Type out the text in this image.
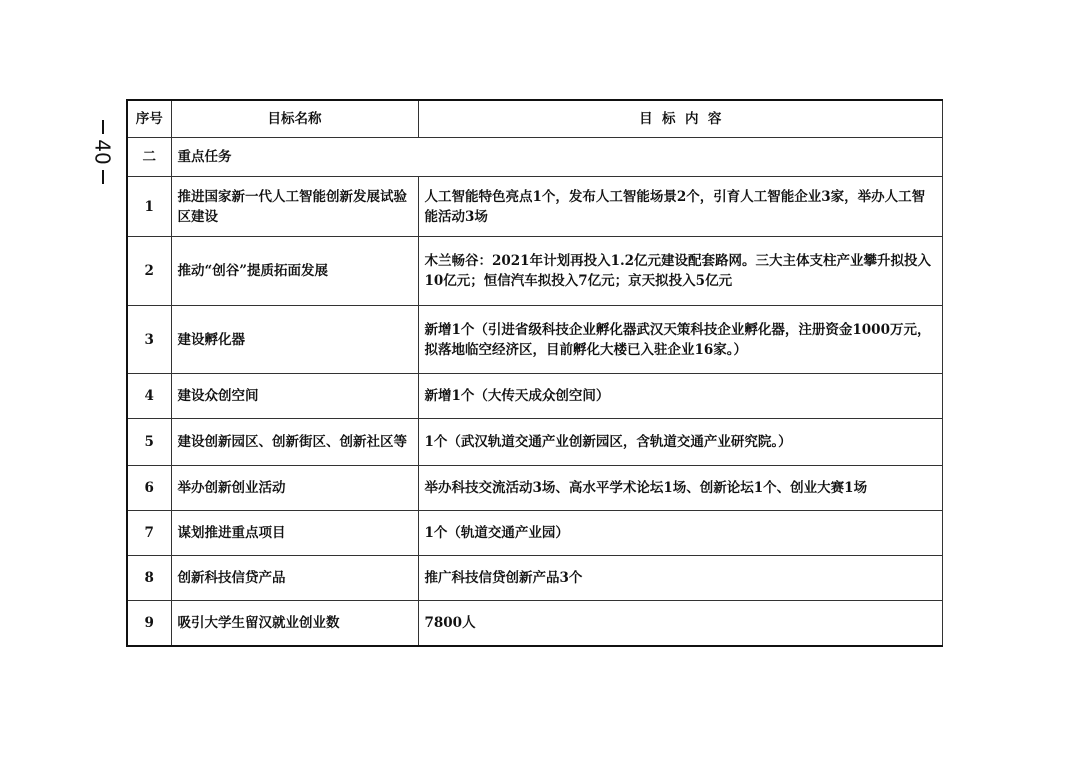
40
序号	目标名称	目  标  内  容
二	重点任务	
1	推进国家新一代人工智能创新发展试验区建设	人工智能特色亮点1个，发布人工智能场景2个，引育人工智能企业3家，举办人工智能活动3场
2	推动“创谷”提质拓面发展	木兰畅谷：2021年计划再投入1.2亿元建设配套路网。三大主体支柱产业攀升拟投入10亿元；恒信汽车拟投入7亿元；京天拟投入5亿元
3	建设孵化器	新增1个（引进省级科技企业孵化器武汉天策科技企业孵化器，注册资金1000万元，拟落地临空经济区，目前孵化大楼已入驻企业16家。）
4	建设众创空间	新增1个（大传天成众创空间）
5	建设创新园区、创新街区、创新社区等	1个（武汉轨道交通产业创新园区，含轨道交通产业研究院。）
6	举办创新创业活动	举办科技交流活动3场、高水平学术论坛1场、创新论坛1个、创业大赛1场
7	谋划推进重点项目	1个（轨道交通产业园）
8	创新科技信贷产品	推广科技信贷创新产品3个
9	吸引大学生留汉就业创业数	7800人
